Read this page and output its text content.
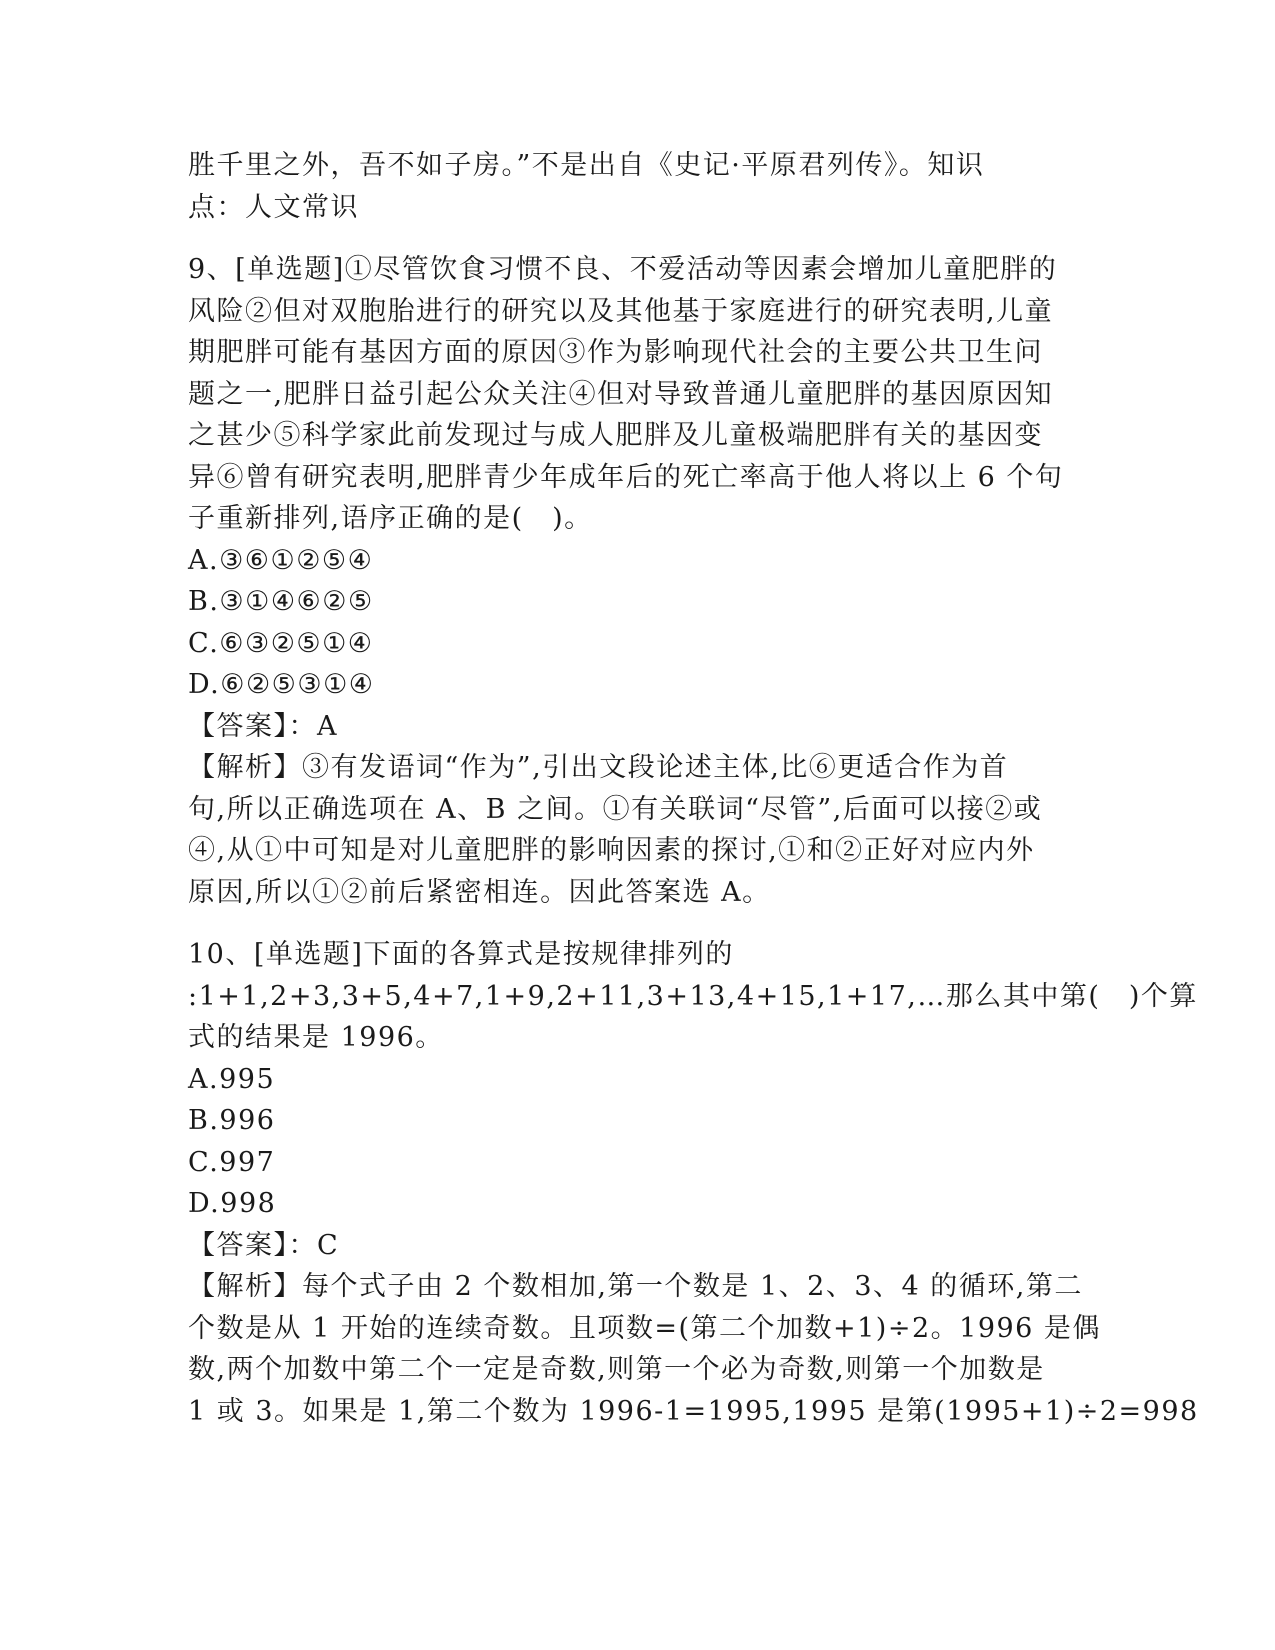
胜千里之外，吾不如子房。”不是出自《史记·平原君列传》。知识
点：人文常识
9、[单选题]①尽管饮食习惯不良、不爱活动等因素会增加儿童肥胖的
风险②但对双胞胎进行的研究以及其他基于家庭进行的研究表明,儿童
期肥胖可能有基因方面的原因③作为影响现代社会的主要公共卫生问
题之一,肥胖日益引起公众关注④但对导致普通儿童肥胖的基因原因知
之甚少⑤科学家此前发现过与成人肥胖及儿童极端肥胖有关的基因变
异⑥曾有研究表明,肥胖青少年成年后的死亡率高于他人将以上 6 个句
子重新排列,语序正确的是(　)。
A.③⑥①②⑤④
B.③①④⑥②⑤
C.⑥③②⑤①④
D.⑥②⑤③①④
【答案】：A
【解析】③有发语词“作为”,引出文段论述主体,比⑥更适合作为首
句,所以正确选项在 A、B 之间。①有关联词“尽管”,后面可以接②或
④,从①中可知是对儿童肥胖的影响因素的探讨,①和②正好对应内外
原因,所以①②前后紧密相连。因此答案选 A。
10、[单选题]下面的各算式是按规律排列的
:1+1,2+3,3+5,4+7,1+9,2+11,3+13,4+15,1+17,…那么其中第(　)个算
式的结果是 1996。
A.995
B.996
C.997
D.998
【答案】：C
【解析】每个式子由 2 个数相加,第一个数是 1、2、3、4 的循环,第二
个数是从 1 开始的连续奇数。且项数=(第二个加数+1)÷2。1996 是偶
数,两个加数中第二个一定是奇数,则第一个必为奇数,则第一个加数是
1 或 3。如果是 1,第二个数为 1996-1=1995,1995 是第(1995+1)÷2=998
